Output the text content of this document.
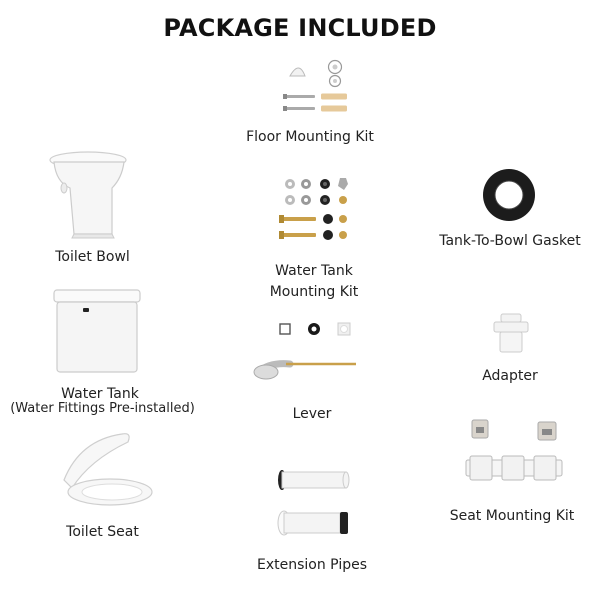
PACKAGE INCLUDED
Floor Mounting Kit
Toilet Bowl
Water Tank
(Water Fittings Pre-installed)
Toilet Seat
Water Tank
Mounting Kit
Lever
Extension Pipes
Tank-To-Bowl Gasket
Adapter
Seat Mounting Kit
